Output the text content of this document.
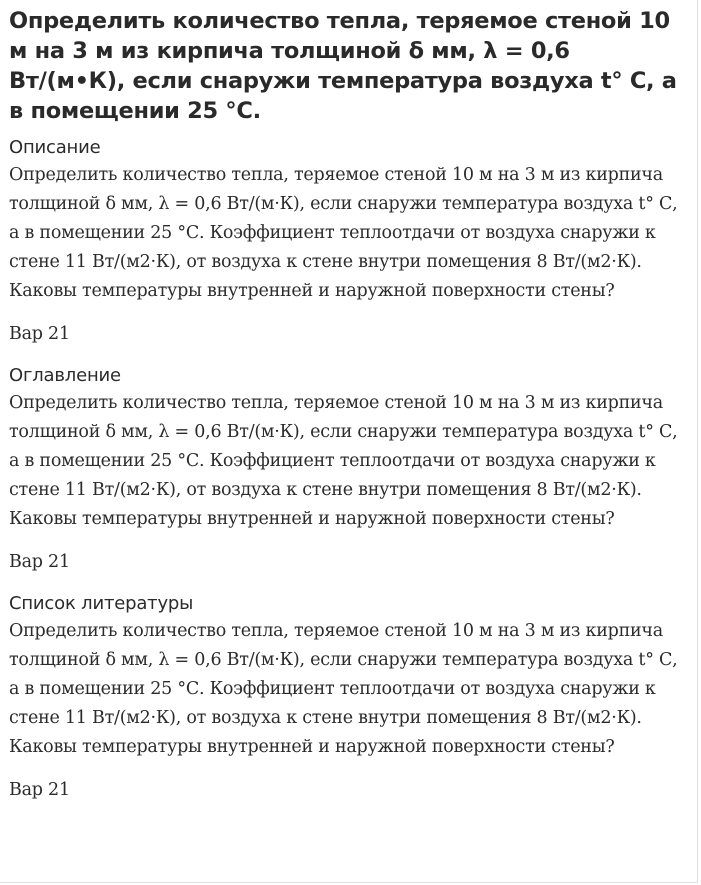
Определить количество тепла, теряемое стеной 10 м на 3 м из кирпича толщиной δ мм, λ = 0,6 Вт/(м•К), если снаружи температура воздуха t° С, а в помещении 25 °С.
Описание

Определить количество тепла, теряемое стеной 10 м на 3 м из кирпича толщиной δ мм, λ = 0,6 Вт/(м·К), если снаружи температура воздуха t° С, а в помещении 25 °С. Коэффициент теплоотдачи от воздуха снаружи к стене 11 Вт/(м2·К), от воздуха к стене внутри помещения 8 Вт/(м2·К). Каковы температуры внутренней и наружной поверхности стены?

Вар 21

Оглавление

Определить количество тепла, теряемое стеной 10 м на 3 м из кирпича толщиной δ мм, λ = 0,6 Вт/(м·К), если снаружи температура воздуха t° С, а в помещении 25 °С. Коэффициент теплоотдачи от воздуха снаружи к стене 11 Вт/(м2·К), от воздуха к стене внутри помещения 8 Вт/(м2·К). Каковы температуры внутренней и наружной поверхности стены?

Вар 21

Список литературы

Определить количество тепла, теряемое стеной 10 м на 3 м из кирпича толщиной δ мм, λ = 0,6 Вт/(м·К), если снаружи температура воздуха t° С, а в помещении 25 °С. Коэффициент теплоотдачи от воздуха снаружи к стене 11 Вт/(м2·К), от воздуха к стене внутри помещения 8 Вт/(м2·К). Каковы температуры внутренней и наружной поверхности стены?

Вар 21
